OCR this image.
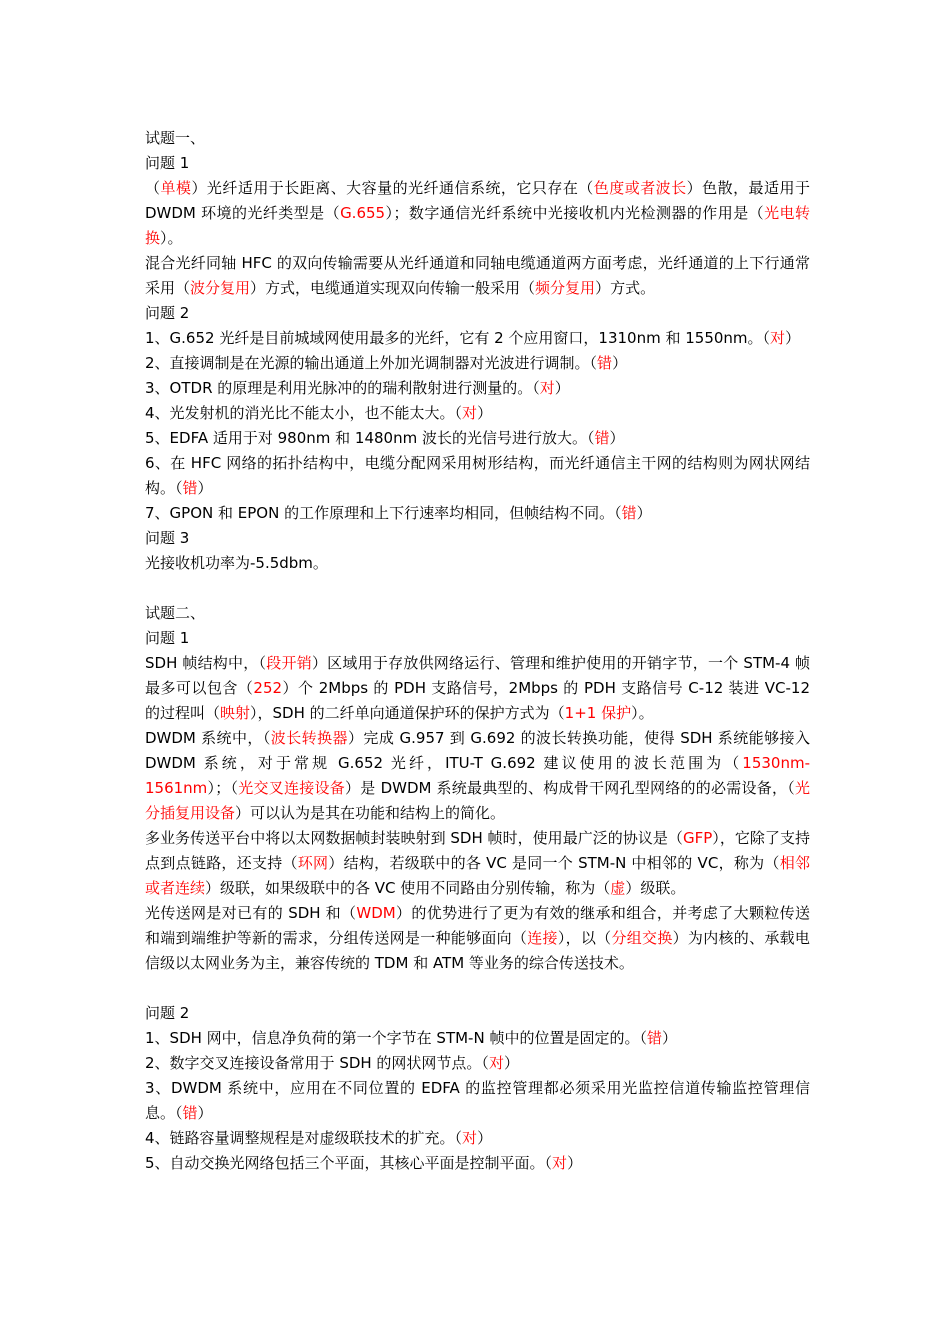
试题一、

问题 1

（单模）光纤适用于长距离、大容量的光纤通信系统，它只存在（色度或者波长）色散，最适用于 DWDM 环境的光纤类型是（G.655）；数字通信光纤系统中光接收机内光检测器的作用是（光电转换）。

混合光纤同轴 HFC 的双向传输需要从光纤通道和同轴电缆通道两方面考虑，光纤通道的上下行通常采用（波分复用）方式，电缆通道实现双向传输一般采用（频分复用）方式。

问题 2

1、G.652 光纤是目前城域网使用最多的光纤，它有 2 个应用窗口，1310nm 和 1550nm。（对）

2、直接调制是在光源的输出通道上外加光调制器对光波进行调制。（错）

3、OTDR 的原理是利用光脉冲的的瑞利散射进行测量的。（对）

4、光发射机的消光比不能太小，也不能太大。（对）

5、EDFA 适用于对 980nm 和 1480nm 波长的光信号进行放大。（错）

6、在 HFC 网络的拓扑结构中，电缆分配网采用树形结构，而光纤通信主干网的结构则为网状网结构。（错）

7、GPON 和 EPON 的工作原理和上下行速率均相同，但帧结构不同。（错）

问题 3

光接收机功率为-5.5dbm。

试题二、

问题 1

SDH 帧结构中，（段开销）区域用于存放供网络运行、管理和维护使用的开销字节，一个 STM-4 帧最多可以包含（252）个 2Mbps 的 PDH 支路信号，2Mbps 的 PDH 支路信号 C-12 装进 VC-12 的过程叫（映射），SDH 的二纤单向通道保护环的保护方式为（1+1 保护）。

DWDM 系统中，（波长转换器）完成 G.957 到 G.692 的波长转换功能，使得 SDH 系统能够接入 DWDM 系统，对于常规 G.652 光纤，ITU-T G.692 建议使用的波长范围为（1530nm-1561nm）；（光交叉连接设备）是 DWDM 系统最典型的、构成骨干网孔型网络的的必需设备，（光分插复用设备）可以认为是其在功能和结构上的简化。

多业务传送平台中将以太网数据帧封装映射到 SDH 帧时，使用最广泛的协议是（GFP），它除了支持点到点链路，还支持（环网）结构，若级联中的各 VC 是同一个 STM-N 中相邻的 VC，称为（相邻或者连续）级联，如果级联中的各 VC 使用不同路由分别传输，称为（虚）级联。

光传送网是对已有的 SDH 和（WDM）的优势进行了更为有效的继承和组合，并考虑了大颗粒传送和端到端维护等新的需求，分组传送网是一种能够面向（连接），以（分组交换）为内核的、承载电信级以太网业务为主，兼容传统的 TDM 和 ATM 等业务的综合传送技术。

问题 2

1、SDH 网中，信息净负荷的第一个字节在 STM-N 帧中的位置是固定的。（错）

2、数字交叉连接设备常用于 SDH 的网状网节点。（对）

3、DWDM 系统中，应用在不同位置的 EDFA 的监控管理都必须采用光监控信道传输监控管理信息。（错）

4、链路容量调整规程是对虚级联技术的扩充。（对）

5、自动交换光网络包括三个平面，其核心平面是控制平面。（对）
